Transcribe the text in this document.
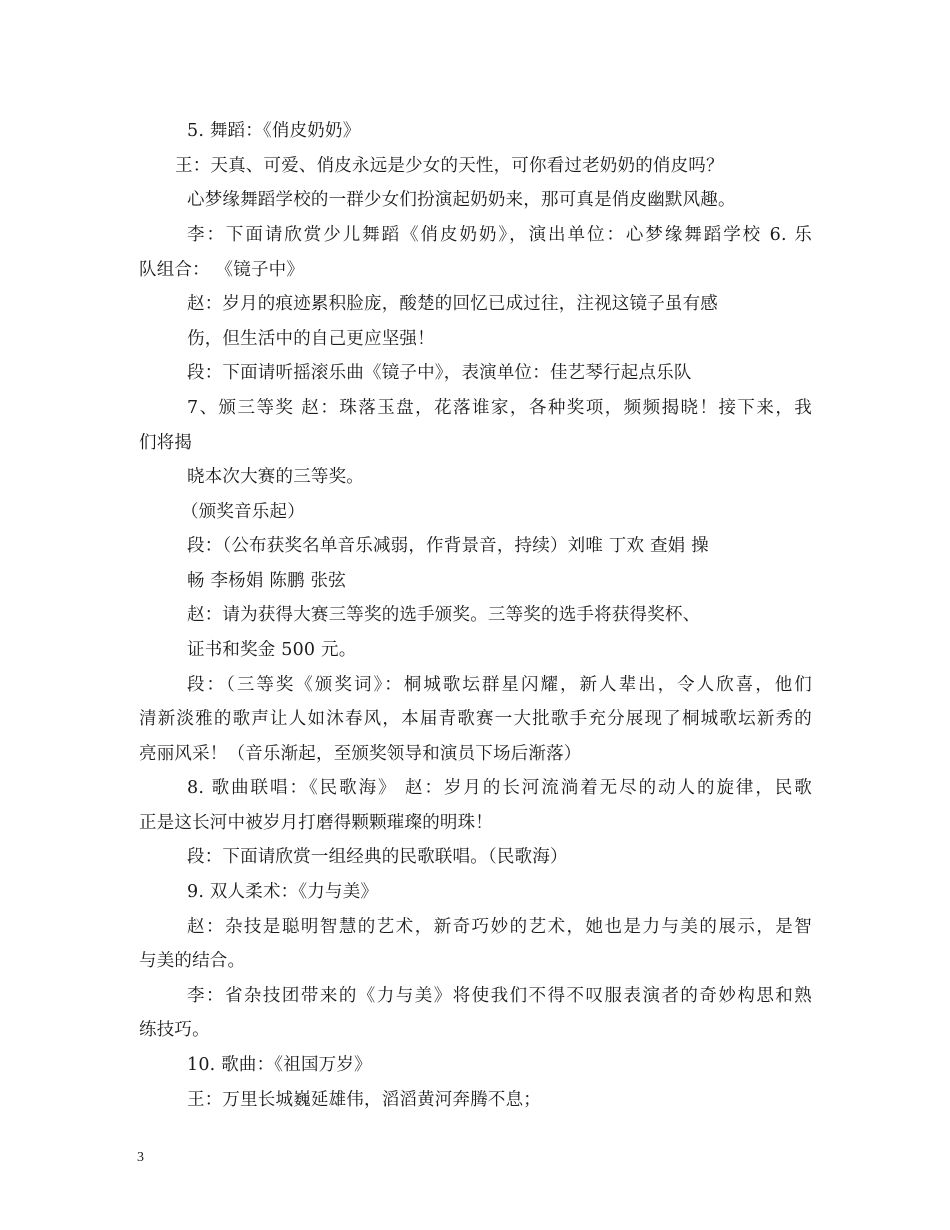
5. 舞蹈：《俏皮奶奶》
王：天真、可爱、俏皮永远是少女的天性，可你看过老奶奶的俏皮吗？
心梦缘舞蹈学校的一群少女们扮演起奶奶来，那可真是俏皮幽默风趣。
李：下面请欣赏少儿舞蹈《俏皮奶奶》，演出单位：心梦缘舞蹈学校 6. 乐
队组合： 《镜子中》
赵：岁月的痕迹累积脸庞，酸楚的回忆已成过往，注视这镜子虽有感
伤，但生活中的自己更应坚强！
段：下面请听摇滚乐曲《镜子中》，表演单位：佳艺琴行起点乐队
7、颁三等奖 赵：珠落玉盘，花落谁家，各种奖项，频频揭晓！接下来，我
们将揭
晓本次大赛的三等奖。
（颁奖音乐起）
段：（公布获奖名单音乐减弱，作背景音，持续）刘唯 丁欢 查娟 操
畅 李杨娟 陈鹏 张弦
赵：请为获得大赛三等奖的选手颁奖。三等奖的选手将获得奖杯、
证书和奖金 500 元。
段：（三等奖《颁奖词》：桐城歌坛群星闪耀，新人辈出，令人欣喜，他们
清新淡雅的歌声让人如沐春风，本届青歌赛一大批歌手充分展现了桐城歌坛新秀的
亮丽风采！（音乐渐起，至颁奖领导和演员下场后渐落）
8. 歌曲联唱：《民歌海》 赵：岁月的长河流淌着无尽的动人的旋律，民歌
正是这长河中被岁月打磨得颗颗璀璨的明珠！
段：下面请欣赏一组经典的民歌联唱。（民歌海）
9. 双人柔术：《力与美》
赵：杂技是聪明智慧的艺术，新奇巧妙的艺术，她也是力与美的展示，是智
与美的结合。
李：省杂技团带来的《力与美》将使我们不得不叹服表演者的奇妙构思和熟
练技巧。
10. 歌曲：《祖国万岁》
王：万里长城巍延雄伟，滔滔黄河奔腾不息；
3
